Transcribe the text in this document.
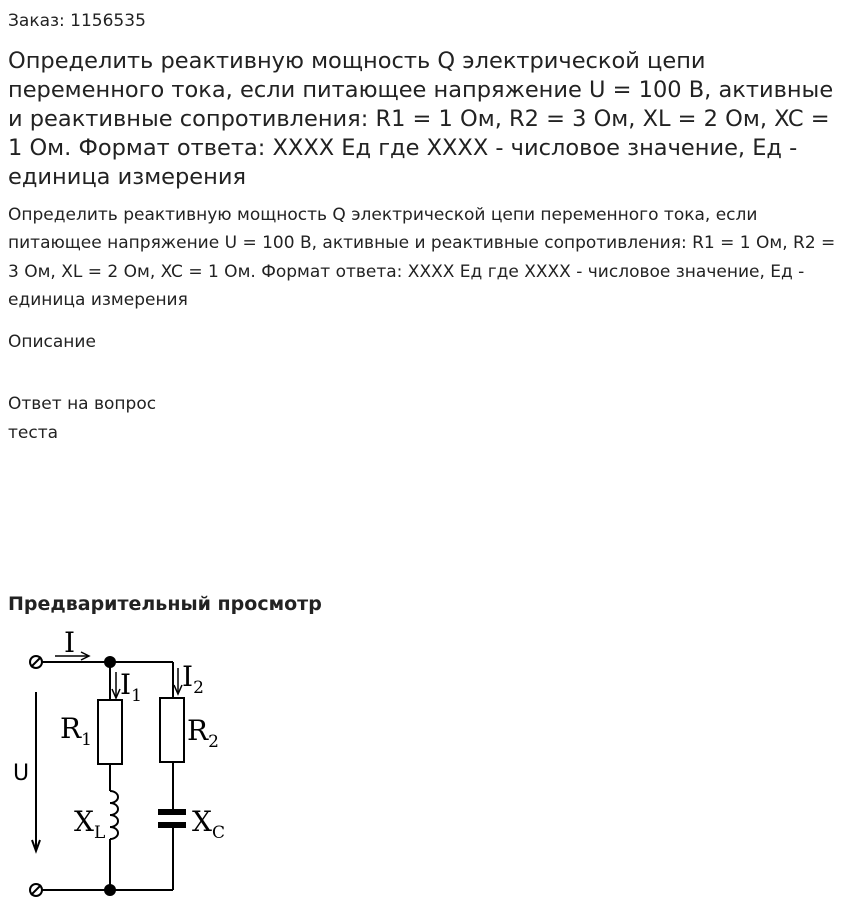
Заказ: 1156535
Определить реактивную мощность Q электрической цепи переменного тока, если питающее напряжение U = 100 В, активные и реактивные сопротивления: R1 = 1 Ом, R2 = 3 Ом, XL = 2 Ом, XC = 1 Ом. Формат ответа: XXXX Ед где XXXX - числовое значение, Ед - единица измерения

Определить реактивную мощность Q электрической цепи переменного тока, если питающее напряжение U = 100 В, активные и реактивные сопротивления: R1 = 1 Ом, R2 = 3 Ом, XL = 2 Ом, XC = 1 Ом. Формат ответа: XXXX Ед где XXXX - числовое значение, Ед - единица измерения

Описание

Ответ на вопрос теста

Предварительный просмотр
I
$I_1$
$I_2$
$R_1$	$R_2$
$X_L$	$X_C$
U
